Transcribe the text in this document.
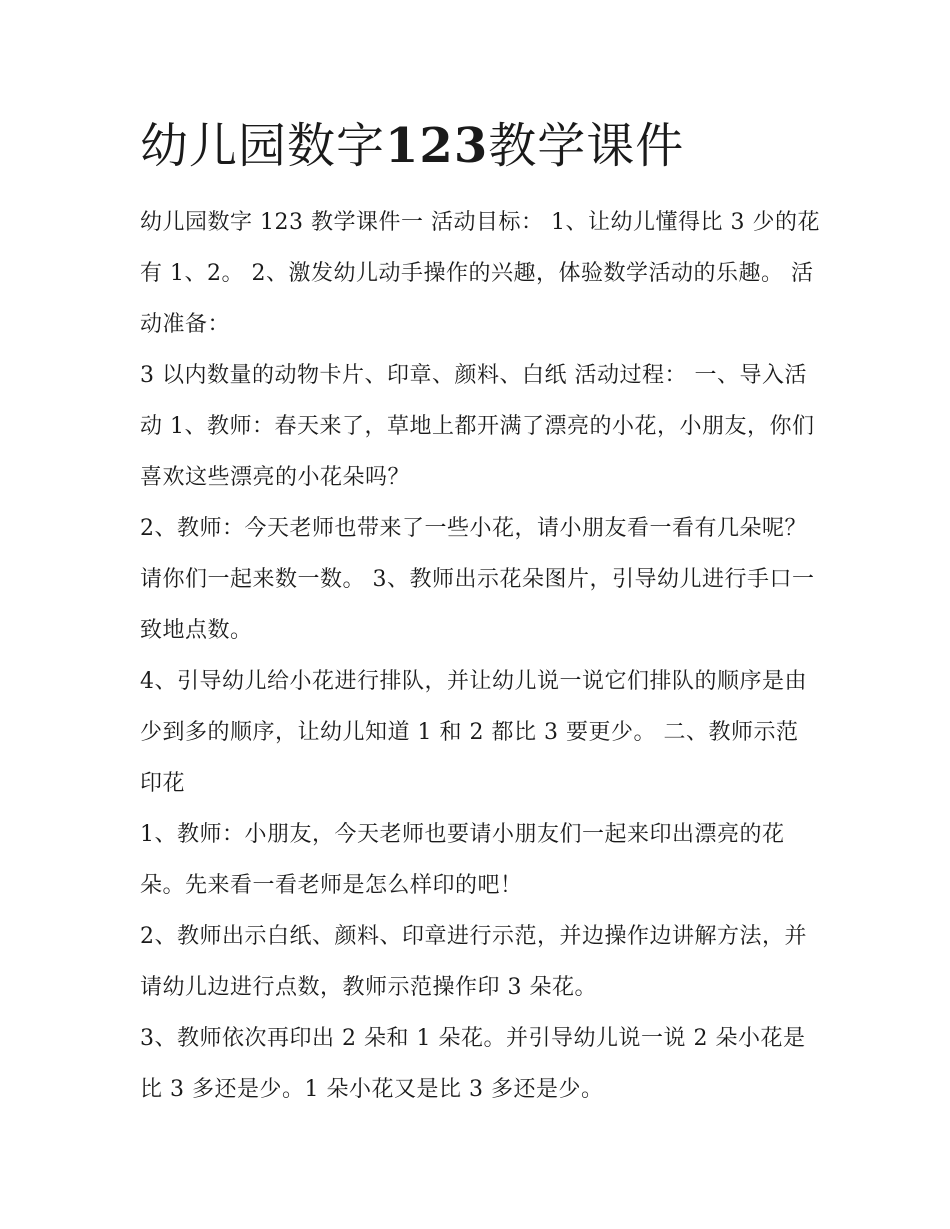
幼儿园数字123教学课件

幼儿园数字 123 教学课件一 活动目标： 1、让幼儿懂得比 3 少的花有 1、2。 2、激发幼儿动手操作的兴趣，体验数学活动的乐趣。 活动准备：

3 以内数量的动物卡片、印章、颜料、白纸 活动过程： 一、导入活动 1、教师：春天来了，草地上都开满了漂亮的小花，小朋友，你们喜欢这些漂亮的小花朵吗？

2、教师：今天老师也带来了一些小花，请小朋友看一看有几朵呢？请你们一起来数一数。 3、教师出示花朵图片，引导幼儿进行手口一致地点数。

4、引导幼儿给小花进行排队，并让幼儿说一说它们排队的顺序是由少到多的顺序，让幼儿知道 1 和 2 都比 3 要更少。 二、教师示范印花

1、教师：小朋友，今天老师也要请小朋友们一起来印出漂亮的花朵。先来看一看老师是怎么样印的吧！

2、教师出示白纸、颜料、印章进行示范，并边操作边讲解方法，并请幼儿边进行点数，教师示范操作印 3 朵花。

3、教师依次再印出 2 朵和 1 朵花。并引导幼儿说一说 2 朵小花是比 3 多还是少。1 朵小花又是比 3 多还是少。
